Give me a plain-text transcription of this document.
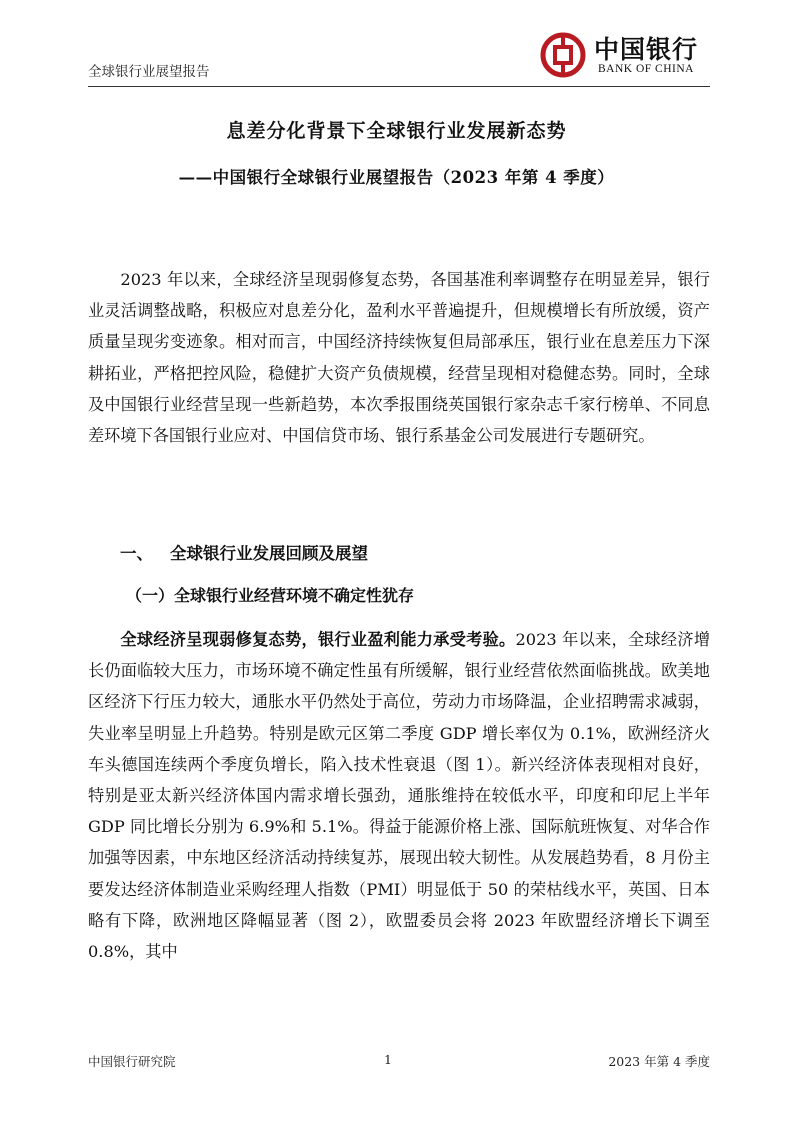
全球银行业展望报告
中国银行
BANK OF CHINA
息差分化背景下全球银行业发展新态势
——中国银行全球银行业展望报告（2023 年第 4 季度）

2023 年以来，全球经济呈现弱修复态势，各国基准利率调整存在明显差异，银行业灵活调整战略，积极应对息差分化，盈利水平普遍提升，但规模增长有所放缓，资产质量呈现劣变迹象。相对而言，中国经济持续恢复但局部承压，银行业在息差压力下深耕拓业，严格把控风险，稳健扩大资产负债规模，经营呈现相对稳健态势。同时，全球及中国银行业经营呈现一些新趋势，本次季报围绕英国银行家杂志千家行榜单、不同息差环境下各国银行业应对、中国信贷市场、银行系基金公司发展进行专题研究。

一、 全球银行业发展回顾及展望
（一）全球银行业经营环境不确定性犹存

全球经济呈现弱修复态势，银行业盈利能力承受考验。2023 年以来，全球经济增长仍面临较大压力，市场环境不确定性虽有所缓解，银行业经营依然面临挑战。欧美地区经济下行压力较大，通胀水平仍然处于高位，劳动力市场降温，企业招聘需求减弱，失业率呈明显上升趋势。特别是欧元区第二季度 GDP 增长率仅为 0.1%，欧洲经济火车头德国连续两个季度负增长，陷入技术性衰退（图 1）。新兴经济体表现相对良好，特别是亚太新兴经济体国内需求增长强劲，通胀维持在较低水平，印度和印尼上半年 GDP 同比增长分别为 6.9%和 5.1%。得益于能源价格上涨、国际航班恢复、对华合作加强等因素，中东地区经济活动持续复苏，展现出较大韧性。从发展趋势看，8 月份主要发达经济体制造业采购经理人指数（PMI）明显低于 50 的荣枯线水平，英国、日本略有下降，欧洲地区降幅显著（图 2），欧盟委员会将 2023 年欧盟经济增长下调至 0.8%，其中

中国银行研究院	1	2023 年第 4 季度
